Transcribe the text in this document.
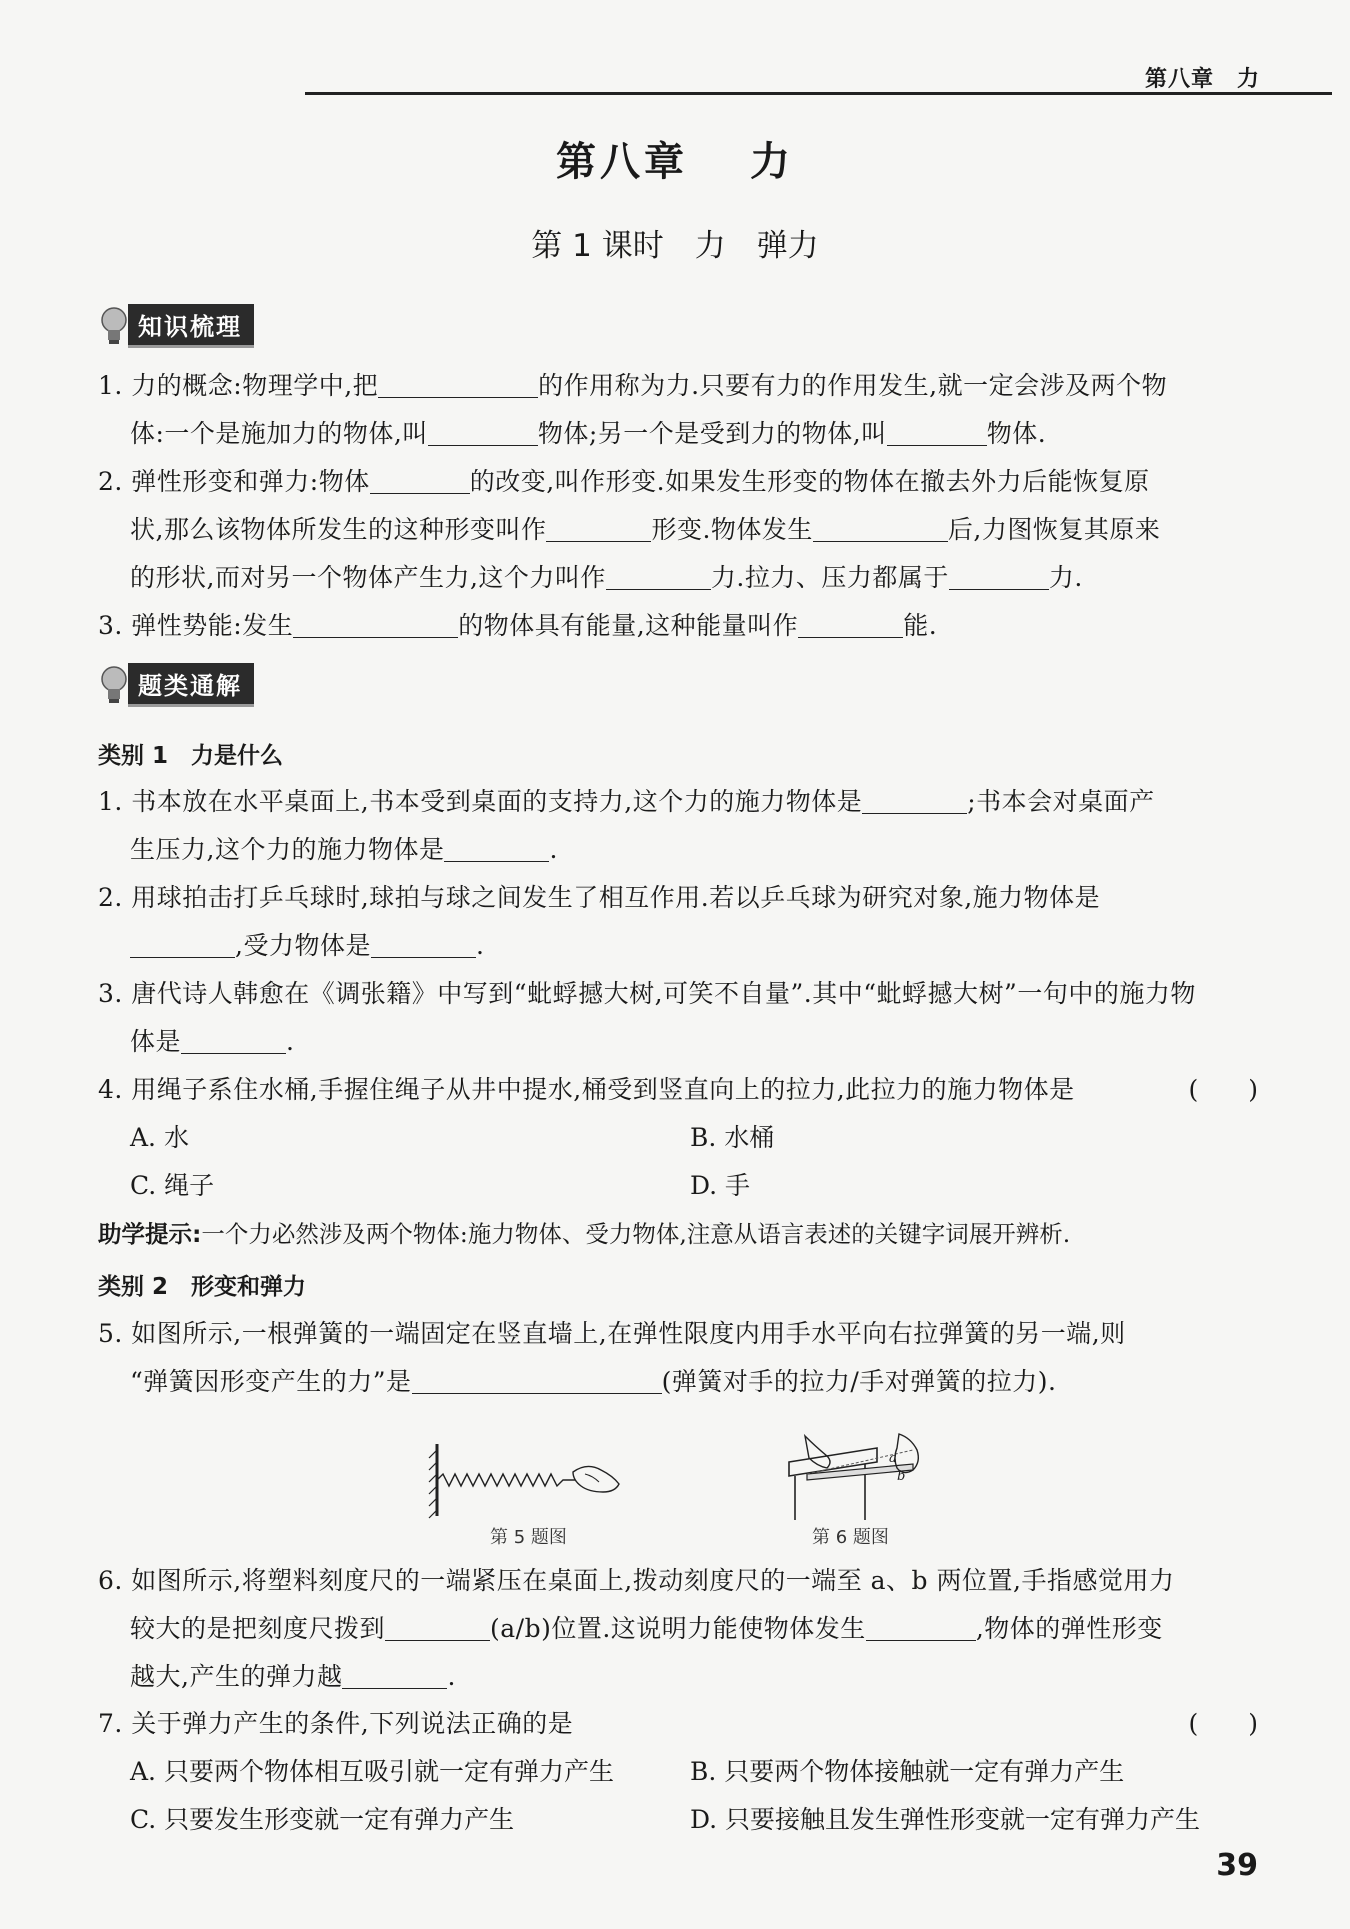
第八章　力
第八章　 力
第 1 课时　力　弹力
知识梳理
1. 力的概念:物理学中,把	的作用称为力.只要有力的作用发生,就一定会涉及两个物
体:一个是施加力的物体,叫	物体;另一个是受到力的物体,叫	物体.
2. 弹性形变和弹力:物体	的改变,叫作形变.如果发生形变的物体在撤去外力后能恢复原
状,那么该物体所发生的这种形变叫作	形变.物体发生	后,力图恢复其原来
的形状,而对另一个物体产生力,这个力叫作	力.拉力、压力都属于	力.
3. 弹性势能:发生	的物体具有能量,这种能量叫作	能.
题类通解
类别 1　力是什么
1. 书本放在水平桌面上,书本受到桌面的支持力,这个力的施力物体是	;书本会对桌面产
生压力,这个力的施力物体是	.
2. 用球拍击打乒乓球时,球拍与球之间发生了相互作用.若以乒乓球为研究对象,施力物体是
,受力物体是	.
3. 唐代诗人韩愈在《调张籍》中写到“蚍蜉撼大树,可笑不自量”.其中“蚍蜉撼大树”一句中的施力物
体是	.
4. 用绳子系住水桶,手握住绳子从井中提水,桶受到竖直向上的拉力,此拉力的施力物体是	(　　)
A. 水	B. 水桶
C. 绳子	D. 手
助学提示:一个力必然涉及两个物体:施力物体、受力物体,注意从语言表述的关键字词展开辨析.
类别 2　形变和弹力
5. 如图所示,一根弹簧的一端固定在竖直墙上,在弹性限度内用手水平向右拉弹簧的另一端,则
“弹簧因形变产生的力”是	(弹簧对手的拉力/手对弹簧的拉力).
第 5 题图
a
b
第 6 题图
6. 如图所示,将塑料刻度尺的一端紧压在桌面上,拨动刻度尺的一端至 a、b 两位置,手指感觉用力
较大的是把刻度尺拨到	(a/b)位置.这说明力能使物体发生	,物体的弹性形变
越大,产生的弹力越	.
7. 关于弹力产生的条件,下列说法正确的是	(　　)
A. 只要两个物体相互吸引就一定有弹力产生	B. 只要两个物体接触就一定有弹力产生
C. 只要发生形变就一定有弹力产生	D. 只要接触且发生弹性形变就一定有弹力产生
39
